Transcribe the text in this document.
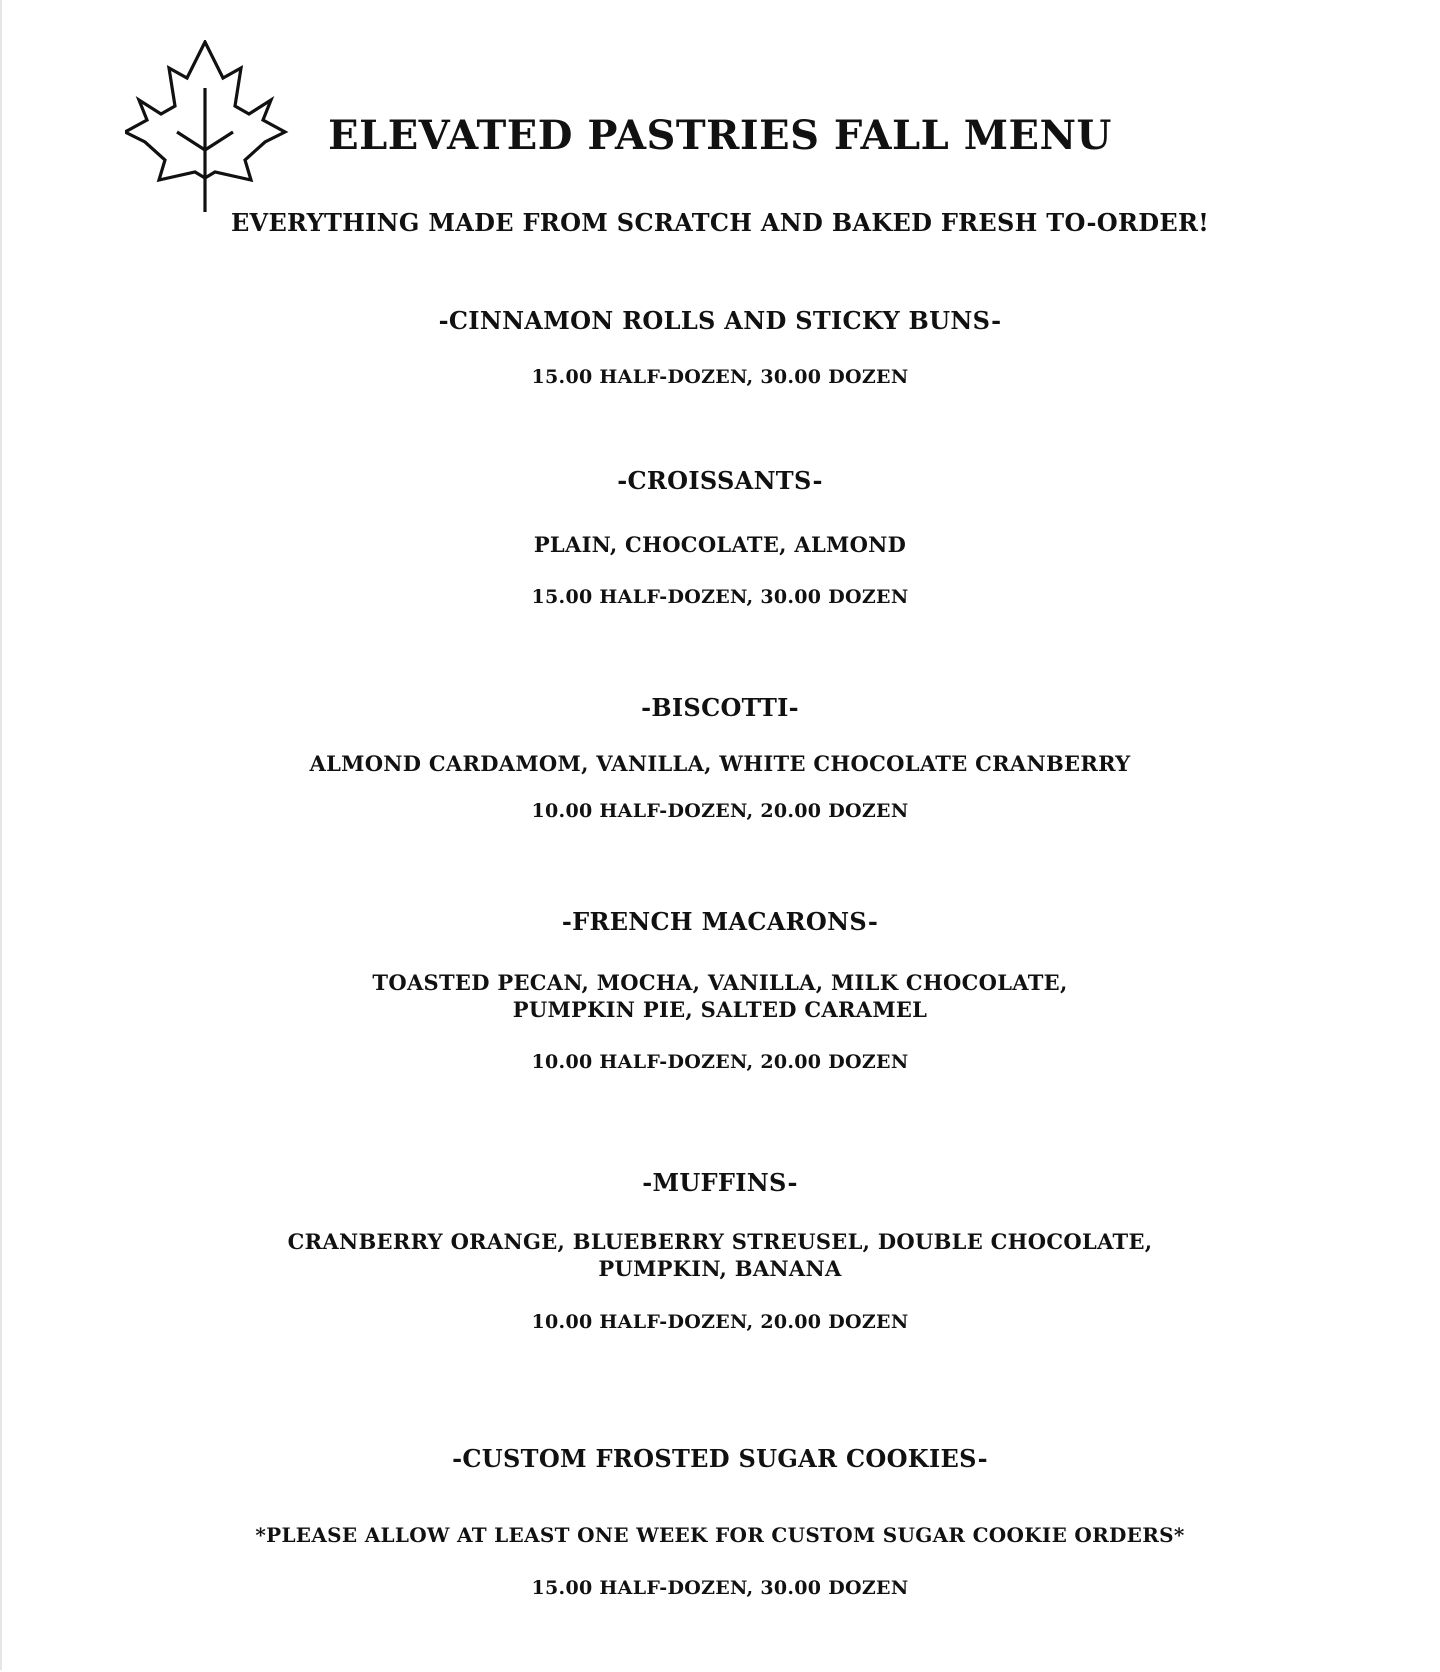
ELEVATED PASTRIES FALL MENU
EVERYTHING MADE FROM SCRATCH AND BAKED FRESH TO-ORDER!
-CINNAMON ROLLS AND STICKY BUNS-
15.00 HALF-DOZEN, 30.00 DOZEN
-CROISSANTS-
PLAIN, CHOCOLATE, ALMOND
15.00 HALF-DOZEN, 30.00 DOZEN
-BISCOTTI-
ALMOND CARDAMOM, VANILLA, WHITE CHOCOLATE CRANBERRY
10.00 HALF-DOZEN, 20.00 DOZEN
-FRENCH MACARONS-
TOASTED PECAN, MOCHA, VANILLA, MILK CHOCOLATE,
PUMPKIN PIE, SALTED CARAMEL
10.00 HALF-DOZEN, 20.00 DOZEN
-MUFFINS-
CRANBERRY ORANGE, BLUEBERRY STREUSEL, DOUBLE CHOCOLATE,
PUMPKIN, BANANA
10.00 HALF-DOZEN, 20.00 DOZEN
-CUSTOM FROSTED SUGAR COOKIES-
*PLEASE ALLOW AT LEAST ONE WEEK FOR CUSTOM SUGAR COOKIE ORDERS*
15.00 HALF-DOZEN, 30.00 DOZEN
